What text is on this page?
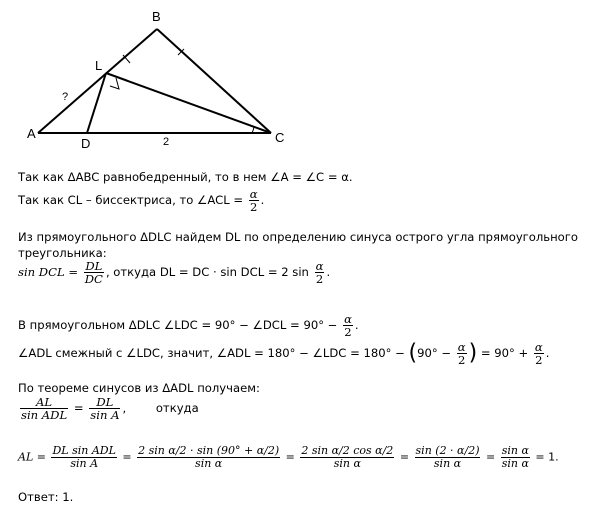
A
B
C
D
L
?
2
Так как ΔABC равнобедренный, то в нем ∠A = ∠C = α.
Так как CL – биссектриса, то ∠ACL = $\frac{\alpha}{2}$ .
Из прямоугольного ΔDLC найдем DL по определению синуса острого угла прямоугольного
треугольника:
sin DCL = $\frac{DL}{DC}$ , откуда DL = DC · sin DCL = 2 $\sin \frac{\alpha}{2}$ .
В прямоугольном ΔDLC ∠LDC = 90° − ∠DCL = $90^\circ - \frac{\alpha}{2}$ .
∠ADL смежный с ∠LDC, значит, ∠ADL = 180° − ∠LDC = $180^\circ - (90^\circ - \frac{\alpha}{2}$ ) = $90^\circ + \frac{\alpha}{2}$ .
По теореме синусов из ΔADL получаем:
$\frac{AL}{\text{sin ADL}} = \frac{DL}{\text{sin A}}$ ,	откуда
AL = $\frac{\text{DL sin ADL}}{\text{sin A}} = \frac{\text{2 sin α/2 · sin (90° + α/2)}}{\text{sin α}} = \frac{\text{2 sin α/2 cos α/2}}{\text{sin α}} = \frac{\sin (2 \cdot \alpha/2)}{\text{sin α}} = \frac{\text{sin α}}{\text{sin α}} = 1$.
Ответ: 1.
